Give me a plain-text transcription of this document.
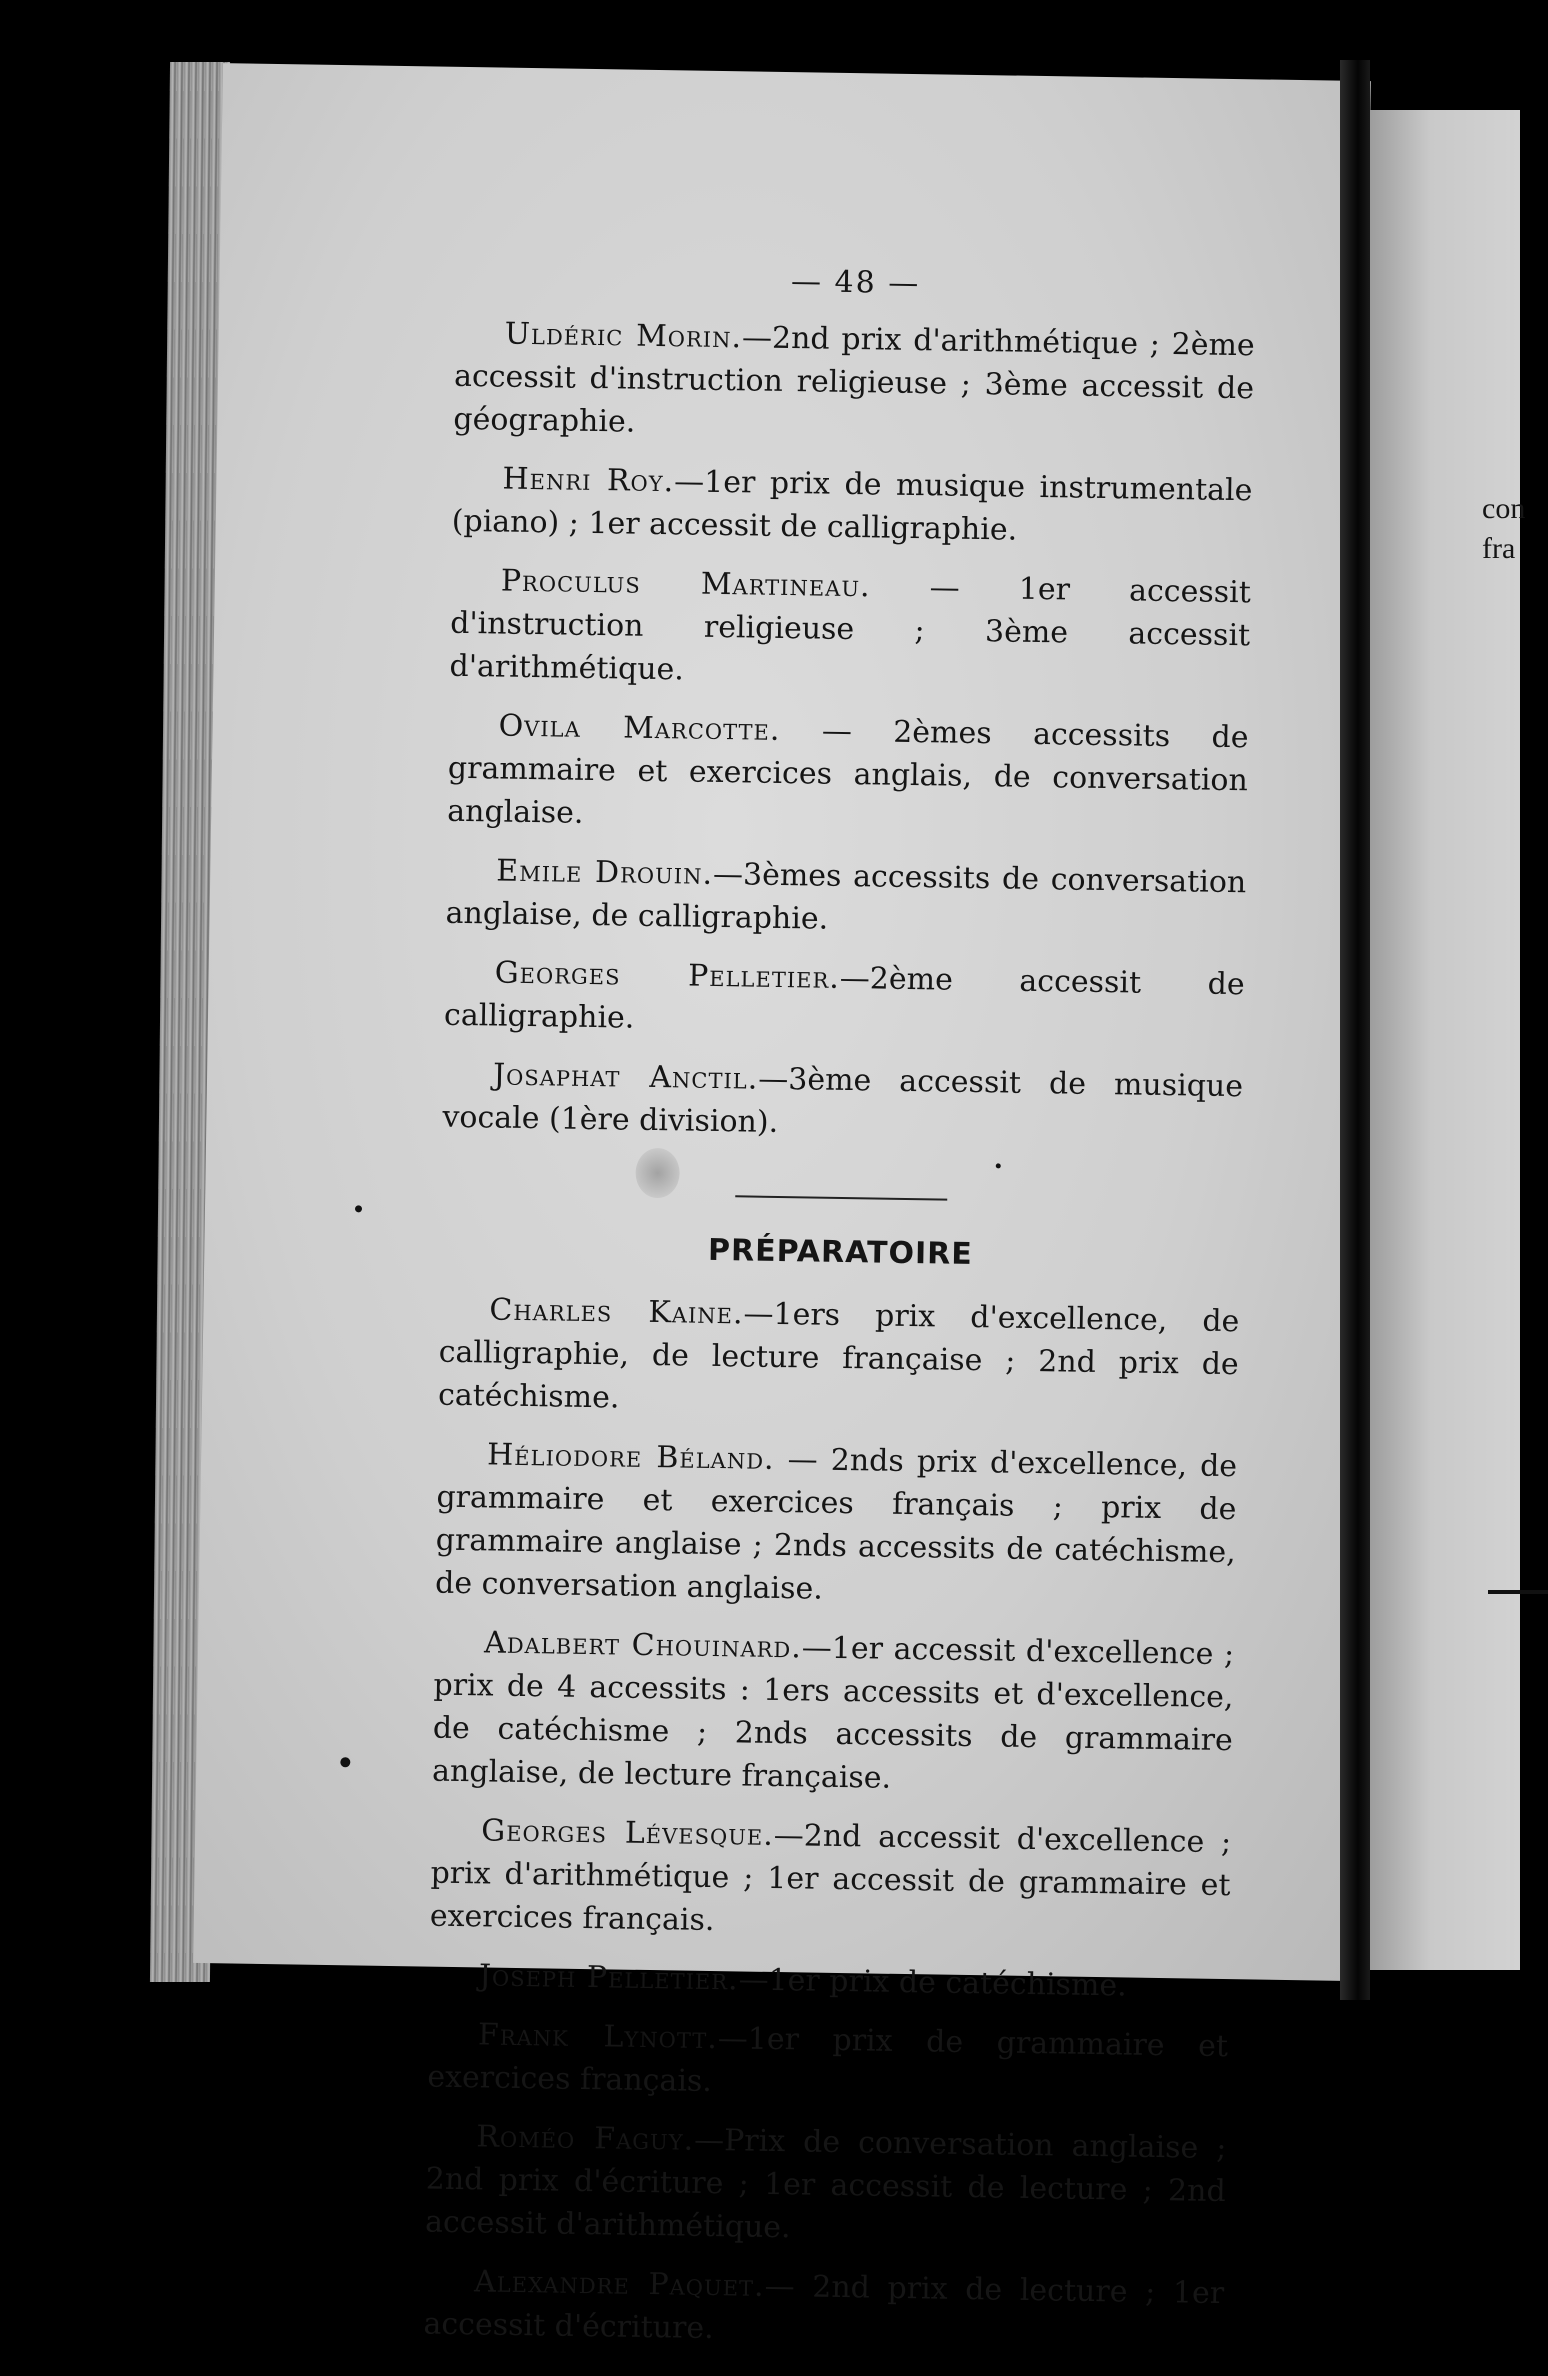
— 48 —

Uldéric Morin.—2nd prix d'arithmétique ; 2ème accessit d'instruction religieuse ; 3ème accessit de géographie.

Henri Roy.—1er prix de musique instrumentale (piano) ; 1er accessit de calligraphie.

Proculus Martineau. — 1er accessit d'instruction religieuse ; 3ème accessit d'arithmétique.

Ovila Marcotte. — 2èmes accessits de grammaire et exercices anglais, de conversation anglaise.

Emile Drouin.—3èmes accessits de conversation anglaise, de calligraphie.

Georges Pelletier.—2ème accessit de calligraphie.

Josaphat Anctil.—3ème accessit de musique vocale (1ère division).

PRÉPARATOIRE

Charles Kaine.—1ers prix d'excellence, de calligraphie, de lecture française ; 2nd prix de catéchisme.

Héliodore Béland. — 2nds prix d'excellence, de grammaire et exercices français ; prix de grammaire anglaise ; 2nds accessits de catéchisme, de conversation anglaise.

Adalbert Chouinard.—1er accessit d'excellence ; prix de 4 accessits : 1ers accessits et d'excellence, de catéchisme ; 2nds accessits de grammaire anglaise, de lecture française.

Georges Lévesque.—2nd accessit d'excellence ; prix d'arithmétique ; 1er accessit de grammaire et exercices français.

Joseph Pelletier.—1er prix de catéchisme.

Frank Lynott.—1er prix de grammaire et exercices français.

Roméo Faguy.—Prix de conversation anglaise ; 2nd prix d'écriture ; 1er accessit de lecture ; 2nd accessit d'arithmétique.

Alexandre Paquet.— 2nd prix de lecture ; 1er accessit d'écriture.

con
fra
